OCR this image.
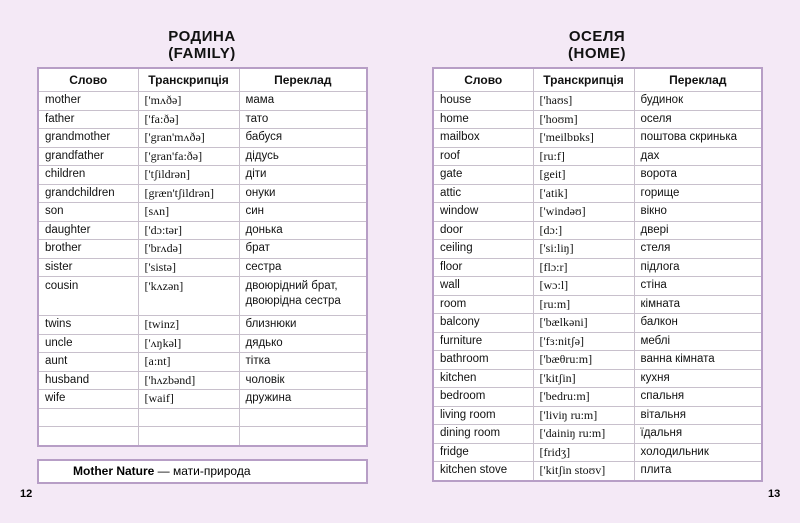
РОДИНА
(FAMILY)
Слово	Транскрипція	Переклад
mother	['mʌðə]	мама
father	['fa:ðə]	тато
grandmother	['gran'mʌðə]	бабуся
grandfather	['gran'fa:ðə]	дідусь
children	['tʃildrən]	діти
grandchildren	[græn'tʃildrən]	онуки
son	[sʌn]	син
daughter	['dɔ:tər]	донька
brother	['brʌdə]	брат
sister	['sistə]	сестра
cousin	['kʌzən]	двоюрідний брат, двоюрідна сестра
twins	[twinz]	близнюки
uncle	['ʌŋkəl]	дядько
aunt	[a:nt]	тітка
husband	['hʌzbənd]	чоловік
wife	[waif]	дружина

Mother Nature — мати-природа
12
ОСЕЛЯ
(HOME)
Слово	Транскрипція	Переклад
house	['haʊs]	будинок
home	['hoʊm]	оселя
mailbox	['meilbɒks]	поштова скринька
roof	[ru:f]	дах
gate	[geit]	ворота
attic	['atik]	горище
window	['windəʊ]	вікно
door	[dɔ:]	двері
ceiling	['si:liŋ]	стеля
floor	[flɔ:r]	підлога
wall	[wɔ:l]	стіна
room	[ru:m]	кімната
balcony	['bælkəni]	балкон
furniture	['fɜ:nitʃə]	меблі
bathroom	['bæθru:m]	ванна кімната
kitchen	['kitʃin]	кухня
bedroom	['bedru:m]	спальня
living room	['liviŋ ru:m]	вітальня
dining room	['dainiŋ ru:m]	їдальня
fridge	[fridʒ]	холодильник
kitchen stove	['kitʃin stoʊv]	плита
13
